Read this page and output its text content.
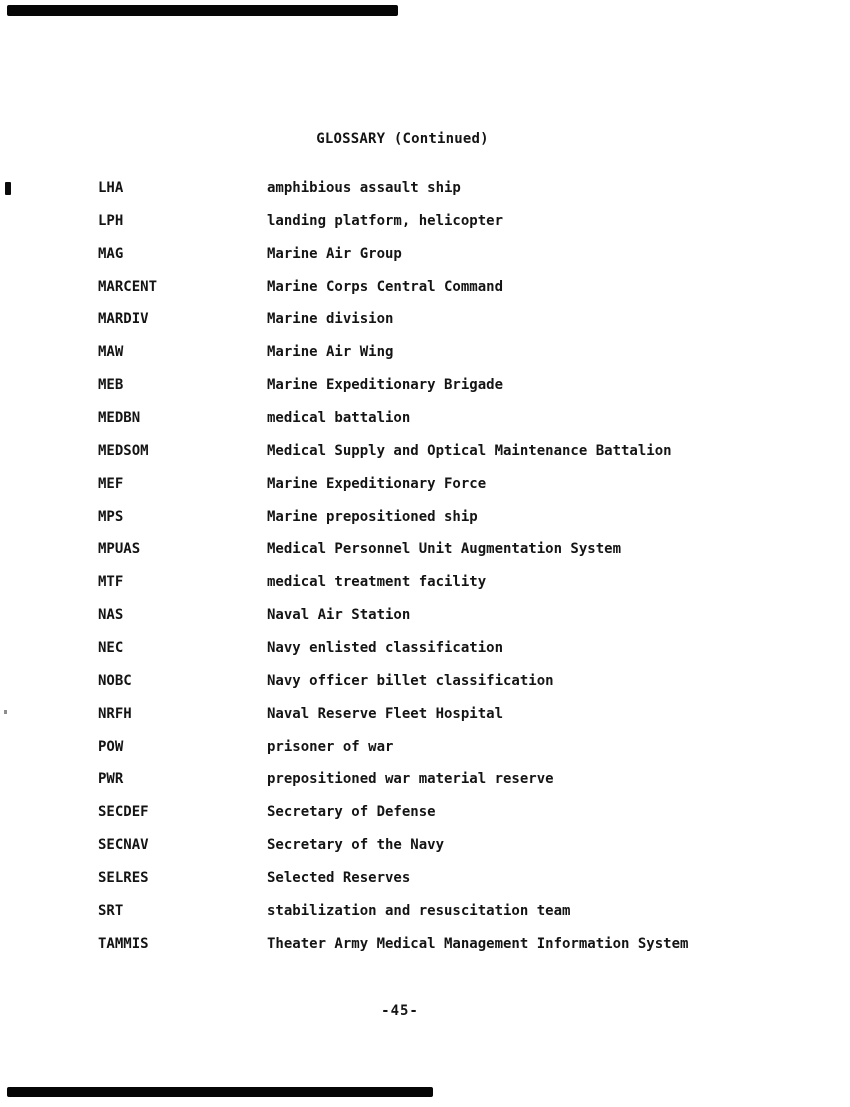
GLOSSARY (Continued)
LHA	amphibious assault ship
LPH	landing platform, helicopter
MAG	Marine Air Group
MARCENT	Marine Corps Central Command
MARDIV	Marine division
MAW	Marine Air Wing
MEB	Marine Expeditionary Brigade
MEDBN	medical battalion
MEDSOM	Medical Supply and Optical Maintenance Battalion
MEF	Marine Expeditionary Force
MPS	Marine prepositioned ship
MPUAS	Medical Personnel Unit Augmentation System
MTF	medical treatment facility
NAS	Naval Air Station
NEC	Navy enlisted classification
NOBC	Navy officer billet classification
NRFH	Naval Reserve Fleet Hospital
POW	prisoner of war
PWR	prepositioned war material reserve
SECDEF	Secretary of Defense
SECNAV	Secretary of the Navy
SELRES	Selected Reserves
SRT	stabilization and resuscitation team
TAMMIS	Theater Army Medical Management Information System
-45-
